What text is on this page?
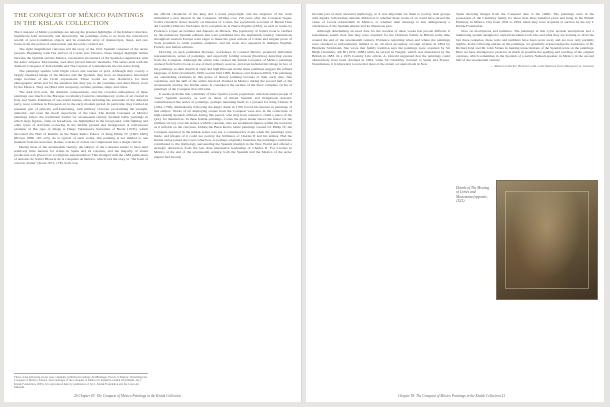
THE CONQUEST OF MÉXICO PAINTINGS IN THE KISLAK COLLECTION

The Conquest of México paintings are among the greatest highlights of the Kislak Collection. Significant both artistically and historically, the paintings come to us from the collection's wealth of post-Columbian objects and its extensive array of manuscripts, maps, and rare books from the period of exploration and the early colonial era.

The eight magnificent canvases tell the story of the 1521 Spanish conquest of the Aztec peoples. Beginning with The Arrival of Cortés into Tabasco, these images highlight battles between the Spanish and the Mexica, ceremonial encounters of the Spanish conquistador with the Aztec emperor Moctezuma, and other pivotal historic moments. The series ends with the dramatic Conquest of Tenochtitlán and The Capture of Guatemotzin, the last Aztec King.

The paintings sparkle with bright colors and touches of gold. Although they convey a largely idealized image of the Mexica and the Spanish, they have an impressive emotional range because of the facial expressions. These works are also distinctive for their ethnographic detail and for the attention that they pay to the costumes and other finery worn by the Mexica. They are filled with weaponry, textiles, plumes, ships, and cities.

The dark rich reds, the dramatic compositions, and the crowded atmosphere of these paintings owe much to the Baroque vocabulary found in contemporary works of art created in Italy and Spain. Paintings of successful battles, often including the surrender of the defeated party, were common in European art in the early modern period. In particular, they formed an essential part of princely self-fashioning, with military victories proclaiming the strength, authority, and even the moral superiority of the ruler. The Kislak Conquest of México paintings follow the traditional format for seventeenth-century Spanish battle paintings in which large figures, often on horseback, are highlighted in the foreground, with fighting and other types of activities occurring in the middle ground and background. A well-known example of this type of image is Diego Velázquez's Surrender of Breda (1635), which decorated the Hall of Realms in the Buen Retiro Palace of King Philip IV (1605–1665) (Brown 1986, 107–123). As is typical of such works, this painting is not limited to one moment from the narrative. Rather, a series of events are compressed into a single canvas.

During most of the seventeenth century, the subject of the Conquest seems to have held relatively little interest for artists in Spain and its colonies, and the majority of visual production was given over to religious representation. This changed with the 1684 publication of Antonio de Solís's Historia de la conquista de México, which told the story as "the form of a heroic drama" (Kone 1971, 178). Solís was

the official chronicler of the king and a noted playwright, and the elegance of his work stimulated a new interest in the Conquest. Writing over 150 years after the Conquest began, Solís's chronicle draws heavily on histories of Cortés, the eyewitness accounts of Bernal Díaz del Castillo's Historia Verdadera de la conquista de la Nueva España (1632), as well as works by Francisco López de Gómara and Antonio de Herrera. The popularity of Solís's book is verified by the numerous Spanish editions that were published into the eighteenth century; translations throughout western Europe were eager to make the great actions of Cortés and elegant prose of Solís available to wider possible audience, and his work also appeared in multiple English, French, and Italian editions.

Drawing on such published histories, workshops in colonial Mexico produced individual representations, series of paintings, and especially folding screens (biombos) depicting events from the Conquest. Although the artists who created the Kislak Conquest of México paintings worked from Solís's book as one of their primary sources, and even included his image in two of the paintings, in their theatrical style and high Baroque drama these paintings suggest the refined language of Solís (Cuadriello 1999, García Sáiz 1999, Reinoso and Jackson 2003). The paintings are outstanding examples in this genre of history painting because of their early date, fine condition, and the skill of the artists involved. Painted in Mexico during the second half of the seventeenth century, the Kislak series is considered the earliest of the three complete cycles of paintings of the Conquest that still exist.

It seems probable that a member of New Spain's Creole population, which included people of "pure" Spanish ancestry as well as those of mixed Spanish and indigenous descent, commissioned this series of paintings, perhaps intending them as a present for King Charles II (1661–1700). Immediately following the king's death in 1700 record his interest in paintings of this subject. Works of art displaying scenes from the Conquest were also in the collections of high-ranking Spanish officials during this period, who may have wanted to claim a piece of the glory for themselves. In these Kislak paintings, Cortés the great leader shows the honor for the ultimate victory over the Aztecs with his captains, who are prominent figures within the narrative as it unfolds on the canvases. Unlike the Buen Retiro battle paintings created for Philip IV, the Conquest depicted in the Kislak series was not a contemporary event when the paintings were made, and images of it could not portray the brilliance of Charles II and his armies. Had the Kislak series joined the royal collection, as perhaps originally intended, the paintings could have contributed to the mythology surrounding the Spanish triumph in the New World and offered a strategic distraction from the less than impressive leadership of Charles II. For Creoles in México at the end of the seventeenth century, both the Spanish and the Mexica of the Aztec empire had already

Three of the following essays were originally published in Aubrey and Bitzinger, Facets of Empire: Visualizing the Conquest of México: Essays, and Catalogue of the Conquest of México in Spanish Colonial Art (Miami: Jay I. Kislak Foundation, 2005). It is reproduced here by permission of Jay I. Kislak Foundation and the Lowe Art Museum.
20 Chapter Ill: The Conquest of México Paintings in the Kislak Collection

become part of their ancestral mythology, so it was important for them to portray both groups with dignity. Scholarship remains divided as to whether these works of art could have served the cause of Creole nationalism in México, or whether their message is less ambiguously a celebration of the Spanish empire and its illustrious past.

Although determining an exact date for the creation of these works has proven difficult, it nonetheless seems clear that they were acquired for the Christian family in Britain some time around the end of the seventeenth century. Evidence regarding when and where the paintings were obtained is unfortunately limited to an oft-cited secondary account written in 1894 by Henrietta Strickland. She wrote that family tradition says the paintings were acquired by Sir Hugh Cholmley, 4th Bt (1632–1688) while he served in Tangier, which was abandoned by the British in 1683. In a 1935 Country Life article, A. Oswald suggested that the paintings could alternatively have been obtained in 1664, when Sir Cholmley traveled to Spain and France. Nonetheless, it is important to note that most of the extant accounts made in New

Spain showing images from the Conquest date to the 1690s. The paintings were in the possession of the Cholmley family for more than three hundred years and hung in the British Embassy in México City from 1934 to 1994, when they were acquired at auction by the Jay I. Kislak Foundation.

Note on inscriptions and numbers. The paintings in this cycle include inscriptions and a numbering system designed to explain incidents both who and what they are looking at. Over the last three centuries, these texts and numbers have been worn away and are now only partially legible. In the following entries on the paintings, we gratefully acknowledge the assistance of Dr. Richard Kiel and Dr. John Straka in making transcriptions of the Spanish texts on the paintings. Here we have attempted to preserve as much as possible the spelling and wording of the original captions, which sometimes in the Spanish of a native Nahuatl-speaker in México in the second half of the seventeenth century.

— Rebecca Parker Brienen with contributions from Margaret A. Jackson
Details of The Meeting of Cortés and Moctezuma (opposite, 1521)
Chapter Ill: The Conquest of México Paintings in the Kislak Collection 21
